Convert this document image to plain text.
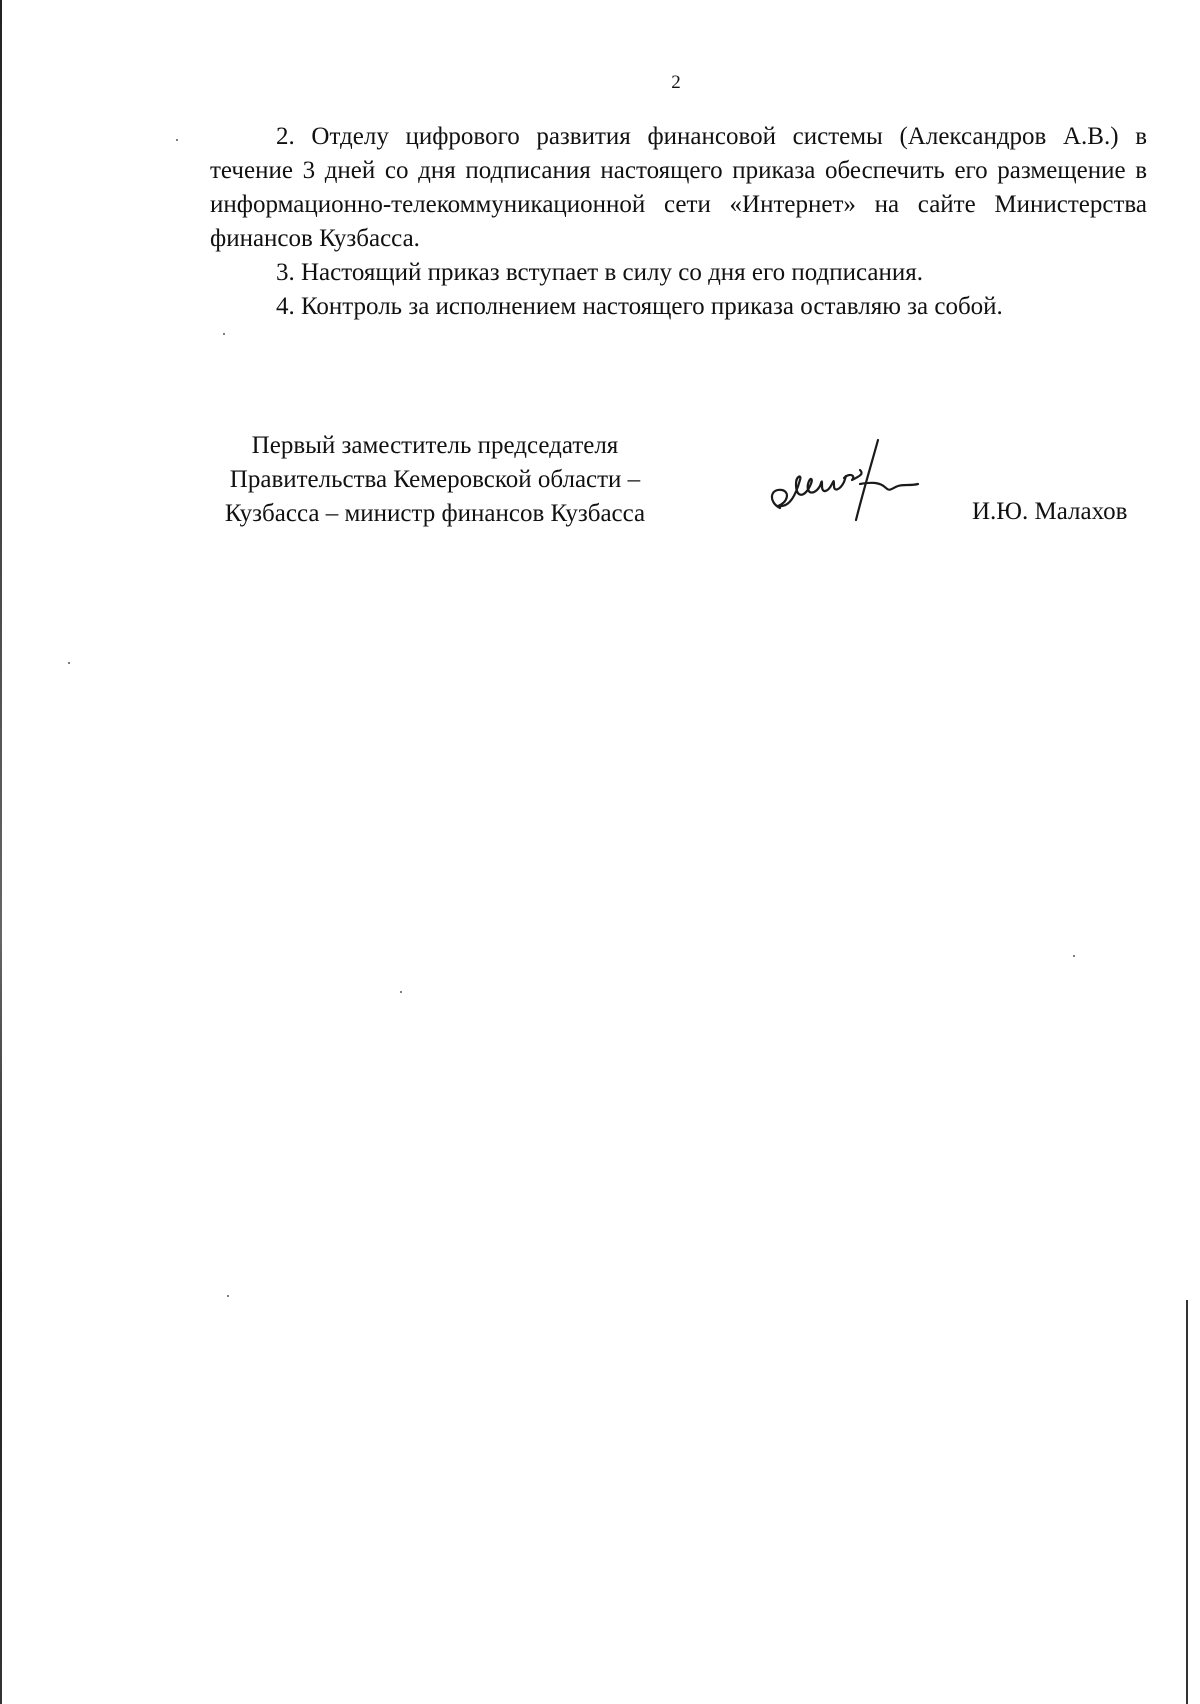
2

2. Отделу цифрового развития финансовой системы (Александров А.В.) в течение 3 дней со дня подписания настоящего приказа обеспечить его размещение в информационно-телекоммуникационной сети «Интернет» на сайте Министерства финансов Кузбасса.

3. Настоящий приказ вступает в силу со дня его подписания.

4. Контроль за исполнением настоящего приказа оставляю за собой.

Первый заместитель председателя
Правительства Кемеровской области –
Кузбасса – министр финансов Кузбасса	И.Ю. Малахов
